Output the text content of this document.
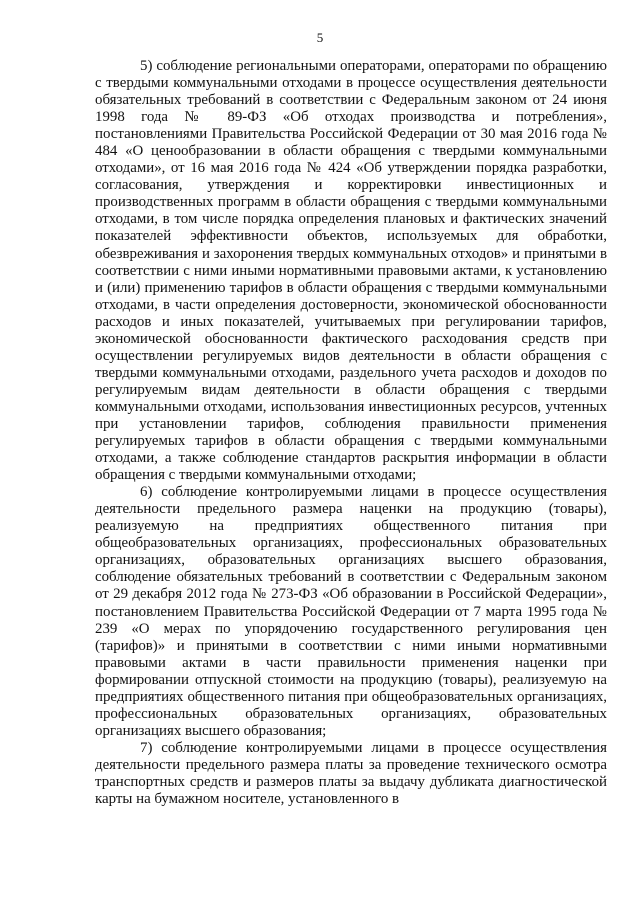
5

5) соблюдение региональными операторами, операторами по обращению с твердыми коммунальными отходами в процессе осуществления деятельности обязательных требований в соответствии с Федеральным законом от 24 июня 1998 года № 89-ФЗ «Об отходах производства и потребления», постановлениями Правительства Российской Федерации от 30 мая 2016 года № 484 «О ценообразовании в области обращения с твердыми коммунальными отходами», от 16 мая 2016 года № 424 «Об утверждении порядка разработки, согласования, утверждения и корректировки инвестиционных и производственных программ в области обращения с твердыми коммунальными отходами, в том числе порядка определения плановых и фактических значений показателей эффективности объектов, используемых для обработки, обезвреживания и захоронения твердых коммунальных отходов» и принятыми в соответствии с ними иными нормативными правовыми актами, к установлению и (или) применению тарифов в области обращения с твердыми коммунальными отходами, в части определения достоверности, экономической обоснованности расходов и иных показателей, учитываемых при регулировании тарифов, экономической обоснованности фактического расходования средств при осуществлении регулируемых видов деятельности в области обращения с твердыми коммунальными отходами, раздельного учета расходов и доходов по регулируемым видам деятельности в области обращения с твердыми коммунальными отходами, использования инвестиционных ресурсов, учтенных при установлении тарифов, соблюдения правильности применения регулируемых тарифов в области обращения с твердыми коммунальными отходами, а также соблюдение стандартов раскрытия информации в области обращения с твердыми коммунальными отходами;

6) соблюдение контролируемыми лицами в процессе осуществления деятельности предельного размера наценки на продукцию (товары), реализуемую на предприятиях общественного питания при общеобразовательных организациях, профессиональных образовательных организациях, образовательных организациях высшего образования, соблюдение обязательных требований в соответствии с Федеральным законом от 29 декабря 2012 года № 273-ФЗ «Об образовании в Российской Федерации», постановлением Правительства Российской Федерации от 7 марта 1995 года № 239 «О мерах по упорядочению государственного регулирования цен (тарифов)» и принятыми в соответствии с ними иными нормативными правовыми актами в части правильности применения наценки при формировании отпускной стоимости на продукцию (товары), реализуемую на предприятиях общественного питания при общеобразовательных организациях, профессиональных образовательных организациях, образовательных организациях высшего образования;

7) соблюдение контролируемыми лицами в процессе осуществления деятельности предельного размера платы за проведение технического осмотра транспортных средств и размеров платы за выдачу дубликата диагностической карты на бумажном носителе, установленного в
